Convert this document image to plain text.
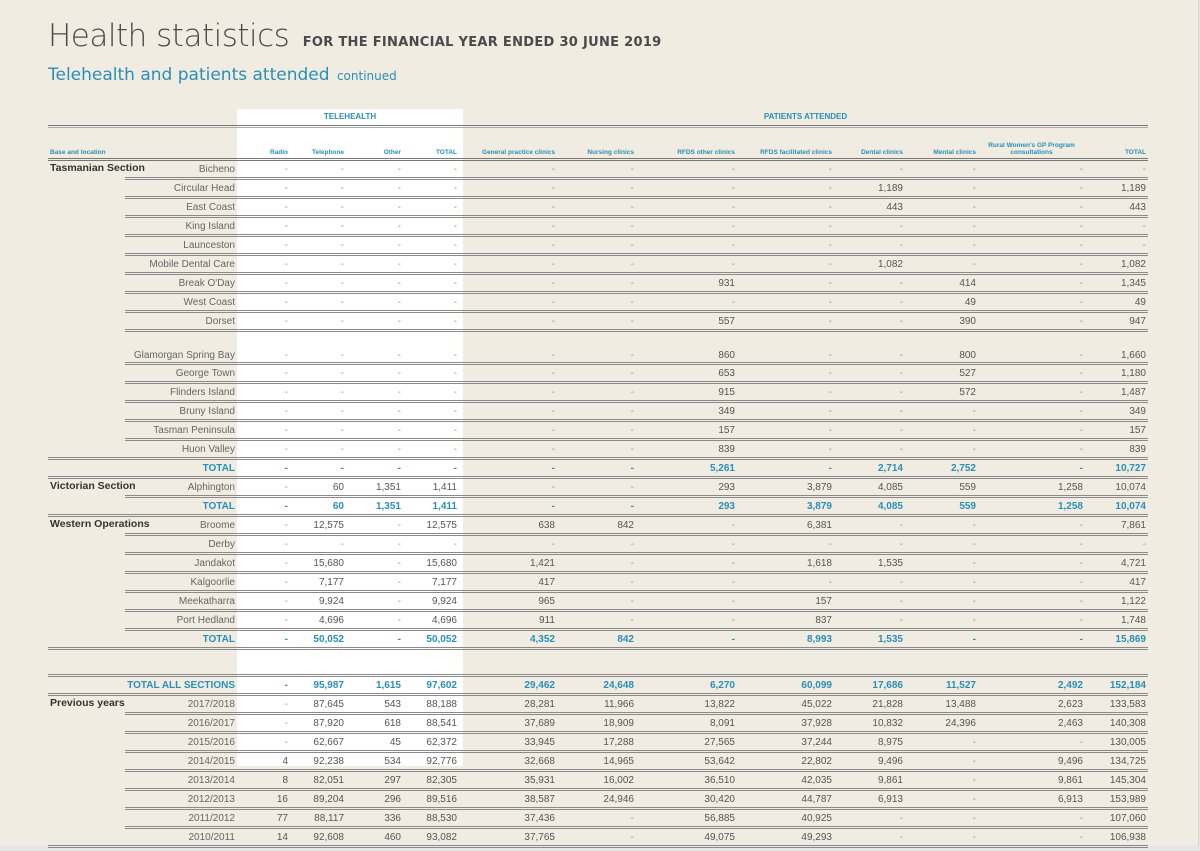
Health statistics FOR THE FINANCIAL YEAR ENDED 30 JUNE 2019
Telehealth and patients attended continued
TELEHEALTH	PATIENTS ATTENDED
Base and location		Radio	Telephone	Other	TOTAL	General practice clinics	Nursing clinics	RFDS other clinics	RFDS facilitated clinics	Dental clinics	Mental clinics	Rural Women's GP Program consultations	TOTAL
Tasmanian Section	Bicheno	-	-	-	-	-	-	-	-	-	-	-	-
	Circular Head	-	-	-	-	-	-	-	-	1,189	-	-	1,189
	East Coast	-	-	-	-	-	-	-	-	443	-	-	443
	King Island	-	-	-	-	-	-	-	-	-	-	-	-
	Launceston	-	-	-	-	-	-	-	-	-	-	-	-
	Mobile Dental Care	-	-	-	-	-	-	-	-	1,082	-	-	1,082
	Break O'Day	-	-	-	-	-	-	931	-	-	414	-	1,345
	West Coast	-	-	-	-	-	-	-	-	-	49	-	49
	Dorset	-	-	-	-	-	-	557	-	-	390	-	947
	Glamorgan Spring Bay	-	-	-	-	-	-	860	-	-	800	-	1,660
	George Town	-	-	-	-	-	-	653	-	-	527	-	1,180
	Flinders Island	-	-	-	-	-	-	915	-	-	572	-	1,487
	Bruny Island	-	-	-	-	-	-	349	-	-	-	-	349
	Tasman Peninsula	-	-	-	-	-	-	157	-	-	-	-	157
	Huon Valley	-	-	-	-	-	-	839	-	-	-	-	839
	TOTAL	-	-	-	-	-	-	5,261	-	2,714	2,752	-	10,727
Victorian Section	Alphington	-	60	1,351	1,411	-	-	293	3,879	4,085	559	1,258	10,074
	TOTAL	-	60	1,351	1,411	-	-	293	3,879	4,085	559	1,258	10,074
Western Operations	Broome	-	12,575	-	12,575	638	842	-	6,381	-	-	-	7,861
	Derby	-	-	-	-	-	-	-	-	-	-	-	-
	Jandakot	-	15,680	-	15,680	1,421	-	-	1,618	1,535	-	-	4,721
	Kalgoorlie	-	7,177	-	7,177	417	-	-	-	-	-	-	417
	Meekatharra	-	9,924	-	9,924	965	-	-	157	-	-	-	1,122
	Port Hedland	-	4,696	-	4,696	911	-	-	837	-	-	-	1,748
	TOTAL	-	50,052	-	50,052	4,352	842	-	8,993	1,535	-	-	15,869

TOTAL ALL SECTIONS		-	95,987	1,615	97,602	29,462	24,648	6,270	60,099	17,686	11,527	2,492	152,184
Previous years	2017/2018	-	87,645	543	88,188	28,281	11,966	13,822	45,022	21,828	13,488	2,623	133,583
	2016/2017	-	87,920	618	88,541	37,689	18,909	8,091	37,928	10,832	24,396	2,463	140,308
	2015/2016	-	62,667	45	62,372	33,945	17,288	27,565	37,244	8,975	-	-	130,005
	2014/2015	4	92,238	534	92,776	32,668	14,965	53,642	22,802	9,496	-	9,496	134,725
	2013/2014	8	82,051	297	82,305	35,931	16,002	36,510	42,035	9,861	-	9,861	145,304
	2012/2013	16	89,204	296	89,516	38,587	24,946	30,420	44,787	6,913	-	6,913	153,989
	2011/2012	77	88,117	336	88,530	37,436	-	56,885	40,925	-	-	-	107,060
	2010/2011	14	92,608	460	93,082	37,765	-	49,075	49,293	-	-	-	106,938
